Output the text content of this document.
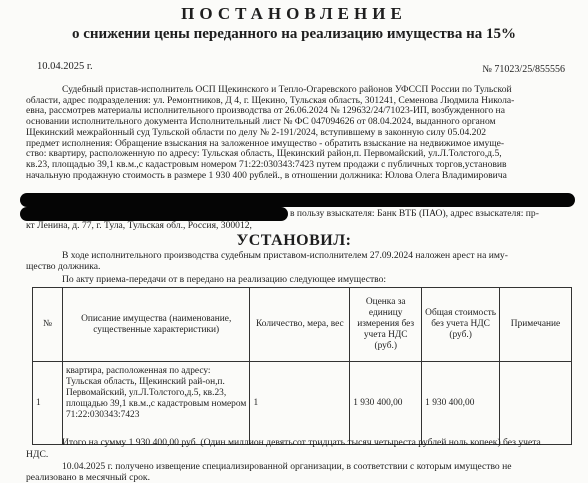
ПОСТАНОВЛЕНИЕ
о снижении цены переданного на реализацию имущества на 15%
10.04.2025 г.	№ 71023/25/855556
Судебный пристав-исполнитель ОСП Щекинского и Тепло-Огаревского районов УФССП России по Тульской
области, адрес подразделения: ул. Ремонтников, Д 4, г. Щекино, Тульская область, 301241, Семенова Людмила Никола-
евна, рассмотрев материалы исполнительного производства от 26.06.2024 № 129632/24/71023-ИП, возбужденного на
основании исполнительного документа Исполнительный лист № ФС 047094626 от 08.04.2024, выданного органом
Щекинский межрайонный суд Тульской области по делу № 2-191/2024, вступившему в законную силу 05.04.202
предмет исполнения: Обращение взыскания на заложенное имущество - обратить взыскание на недвижимое имуще-
ство: квартиру, расположенную по адресу: Тульская область, Щекинский район,п. Первомайский, ул.Л.Толстого,д.5,
кв.23, площадью 39,1 кв.м.,с кадастровым номером 71:22:030343:7423 путем продажи с публичных торгов,установив
начальную продажную стоимость в размере 1 930 400 рублей., в отношении должника: Юлова Олега Владимировича
в пользу взыскателя: Банк ВТБ (ПАО), адрес взыскателя: пр-
кт Ленина, д. 77, г. Тула, Тульская обл., Россия, 300012,
УСТАНОВИЛ:
В ходе исполнительного производства судебным приставом-исполнителем 27.09.2024 наложен арест на иму-
щество должника.
По акту приема-передачи от в передано на реализацию следующее имущество:
№	Описание имущества (наименование, существенные характеристики)	Количество, мера, вес	Оценка за единицу измерения без учета НДС (руб.)	Общая стоимость без учета НДС (руб.)	Примечание
1	квартира, расположенная по адресу: Тульская область, Щекинский рай-он,п. Первомайский, ул.Л.Толстого,д.5, кв.23, площадью 39,1 кв.м.,с кадастровым номером 71:22:030343:7423	1	1 930 400,00	1 930 400,00	
Итого на сумму 1 930 400,00 руб. (Один миллион девятьсот тридцать тысяч четыреста рублей ноль копеек) без учета
НДС.
10.04.2025 г. получено извещение специализированной организации, в соответствии с которым имущество не
реализовано в месячный срок.
